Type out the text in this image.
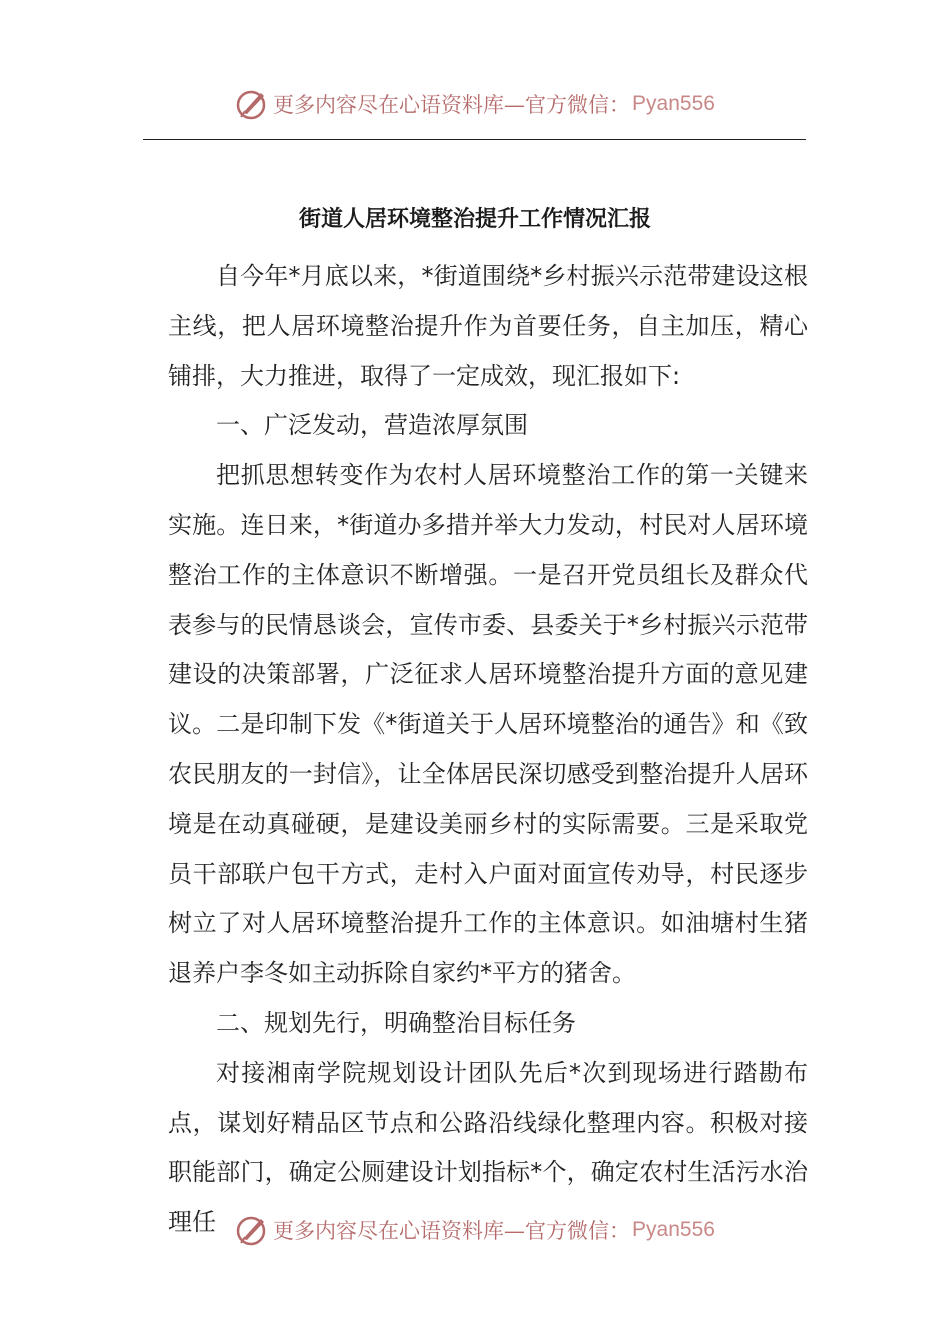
更多内容尽在心语资料库—官方微信： Pyan556
街道人居环境整治提升工作情况汇报

自今年*月底以来，*街道围绕*乡村振兴示范带建设这根主线，把人居环境整治提升作为首要任务，自主加压，精心铺排，大力推进，取得了一定成效，现汇报如下:

一、广泛发动，营造浓厚氛围

把抓思想转变作为农村人居环境整治工作的第一关键来实施。连日来，*街道办多措并举大力发动，村民对人居环境整治工作的主体意识不断增强。一是召开党员组长及群众代表参与的民情恳谈会，宣传市委、县委关于*乡村振兴示范带建设的决策部署，广泛征求人居环境整治提升方面的意见建议。二是印制下发《*街道关于人居环境整治的通告》和《致农民朋友的一封信》，让全体居民深切感受到整治提升人居环境是在动真碰硬，是建设美丽乡村的实际需要。三是采取党员干部联户包干方式，走村入户面对面宣传劝导，村民逐步树立了对人居环境整治提升工作的主体意识。如油塘村生猪退养户李冬如主动拆除自家约*平方的猪舍。

二、规划先行，明确整治目标任务

对接湘南学院规划设计团队先后*次到现场进行踏勘布点，谋划好精品区节点和公路沿线绿化整理内容。积极对接职能部门，确定公厕建设计划指标*个，确定农村生活污水治理任	更多内容尽在心语资料库—官方微信： Pyan556
